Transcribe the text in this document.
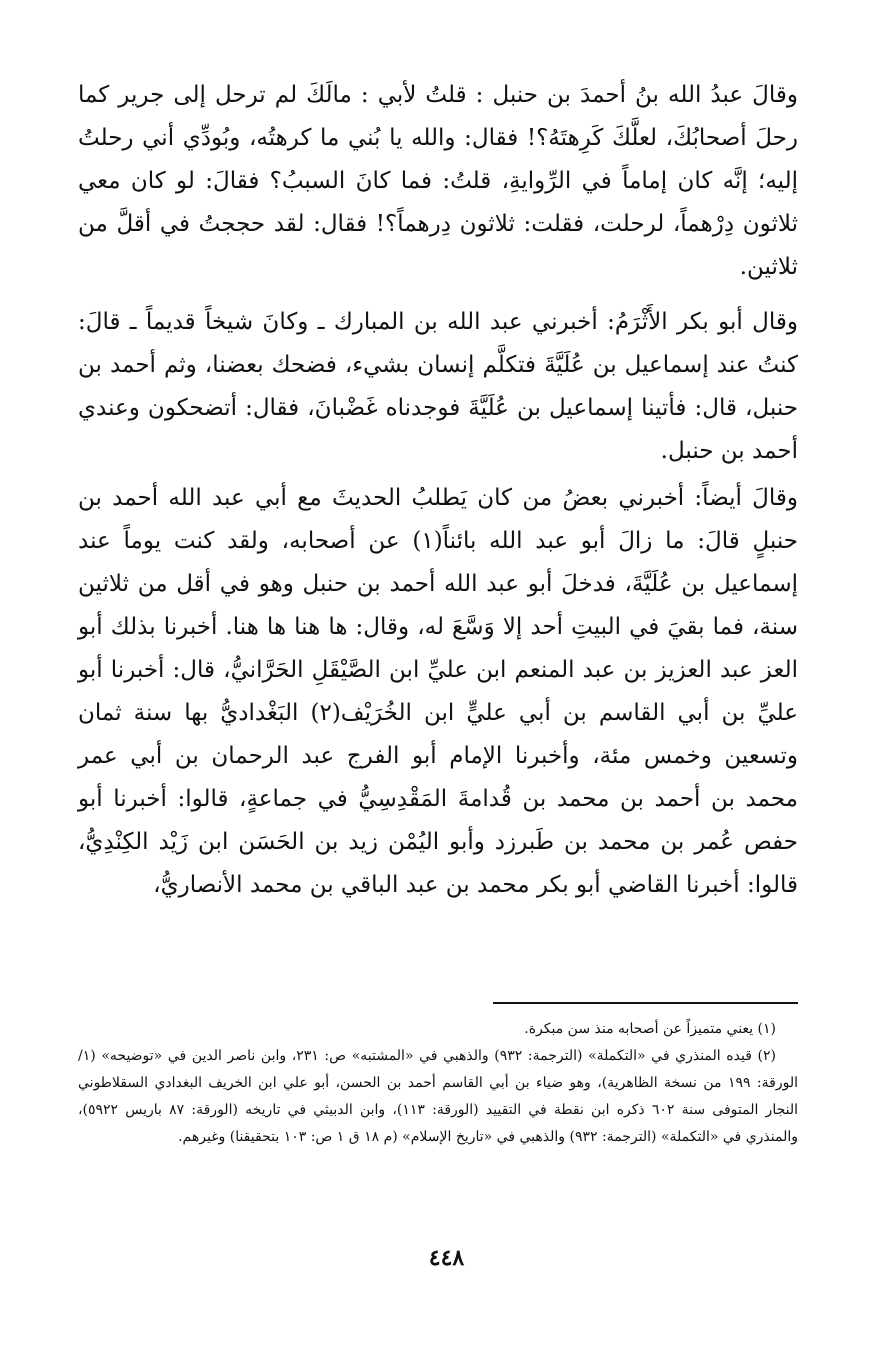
وقالَ عبدُ الله بنُ أحمدَ بن حنبل : قلتُ لأبي : مالَكَ لم ترحل إلى جرير كما رحلَ أصحابُكَ، لعلَّكَ كَرِهتَهُ؟! فقال: والله يا بُني ما كرهتُه، وبُودِّي أني رحلتُ إليه؛ إنَّه كان إماماً في الرِّوايةِ، قلتُ: فما كانَ السببُ؟ فقالَ: لو كان معي ثلاثون دِرْهماً، لرحلت، فقلت: ثلاثون دِرهماً؟! فقال: لقد حججتُ في أقلَّ من ثلاثين.

وقال أبو بكر الأَثْرَمُ: أخبرني عبد الله بن المبارك ـ وكانَ شيخاً قديماً ـ قالَ: كنتُ عند إسماعيل بن عُلَيَّةَ فتكلَّم إنسان بشيء، فضحك بعضنا، وثم أحمد بن حنبل، قال: فأتينا إسماعيل بن عُلَيَّةَ فوجدناه غَضْبانَ، فقال: أتضحكون وعندي أحمد بن حنبل.

وقالَ أيضاً: أخبرني بعضُ من كان يَطلبُ الحديثَ مع أبي عبد الله أحمد بن حنبلٍ قالَ: ما زالَ أبو عبد الله بائناً(١) عن أصحابه، ولقد كنت يوماً عند إسماعيل بن عُلَيَّةَ، فدخلَ أبو عبد الله أحمد بن حنبل وهو في أقل من ثلاثين سنة، فما بقيَ في البيتِ أحد إلا وَسَّعَ له، وقال: ها هنا ها هنا. أخبرنا بذلك أبو العز عبد العزيز بن عبد المنعم ابن عليِّ ابن الصَّيْقَلِ الحَرَّانيُّ، قال: أخبرنا أبو عليِّ بن أبي القاسم بن أبي عليٍّ ابن الخُرَيْف(٢) البَغْداديُّ بها سنة ثمان وتسعين وخمس مئة، وأخبرنا الإمام أبو الفرج عبد الرحمان بن أبي عمر محمد بن أحمد بن محمد بن قُدامةَ المَقْدِسِيُّ في جماعةٍ، قالوا: أخبرنا أبو حفص عُمر بن محمد بن طَبرزد وأبو اليُمْن زيد بن الحَسَن ابن زَيْد الكِنْدِيُّ، قالوا: أخبرنا القاضي أبو بكر محمد بن عبد الباقي بن محمد الأنصاريُّ،

(١) يعني متميزاً عن أصحابه منذ سن مبكرة.

(٢) قيده المنذري في «التكملة» (الترجمة: ٩٣٢) والذهبي في «المشتبه» ص: ٢٣١، وابن ناصر الدين في «توضيحه» (١/الورقة: ١٩٩ من نسخة الظاهرية)، وهو ضياء بن أبي القاسم أحمد بن الحسن، أبو علي ابن الخريف البغدادي السقلاطوني النجار المتوفى سنة ٦٠٢ ذكره ابن نقطة في التقييد (الورقة: ١١٣)، وابن الدبيثي في تاريخه (الورقة: ٨٧ باريس ٥٩٢٢)، والمنذري في «التكملة» (الترجمة: ٩٣٢) والذهبي في «تاريخ الإسلام» (م ١٨ ق ١ ص: ١٠٣ بتحقيقنا) وغيرهم.

٤٤٨
